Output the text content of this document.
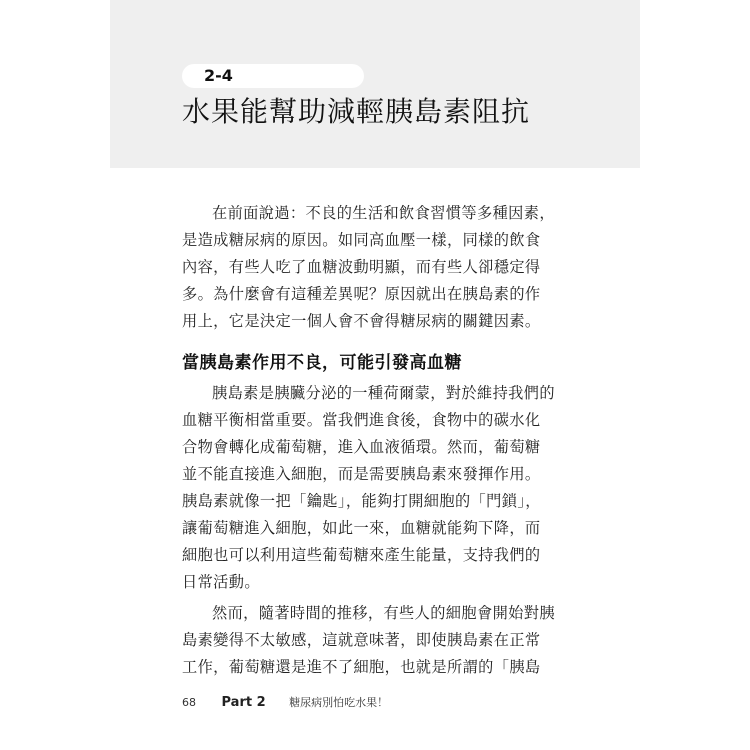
2-4
水果能幫助減輕胰島素阻抗

在前面說過：不良的生活和飲食習慣等多種因素，
是造成糖尿病的原因。如同高血壓一樣，同樣的飲食
內容，有些人吃了血糖波動明顯，而有些人卻穩定得
多。為什麼會有這種差異呢？原因就出在胰島素的作
用上，它是決定一個人會不會得糖尿病的關鍵因素。

當胰島素作用不良，可能引發高血糖

胰島素是胰臟分泌的一種荷爾蒙，對於維持我們的
血糖平衡相當重要。當我們進食後，食物中的碳水化
合物會轉化成葡萄糖，進入血液循環。然而，葡萄糖
並不能直接進入細胞，而是需要胰島素來發揮作用。
胰島素就像一把「鑰匙」，能夠打開細胞的「門鎖」，
讓葡萄糖進入細胞，如此一來，血糖就能夠下降，而
細胞也可以利用這些葡萄糖來產生能量，支持我們的
日常活動。

然而，隨著時間的推移，有些人的細胞會開始對胰
島素變得不太敏感，這就意味著，即使胰島素在正常
工作，葡萄糖還是進不了細胞，也就是所謂的「胰島

68 Part 2 糖尿病別怕吃水果！
